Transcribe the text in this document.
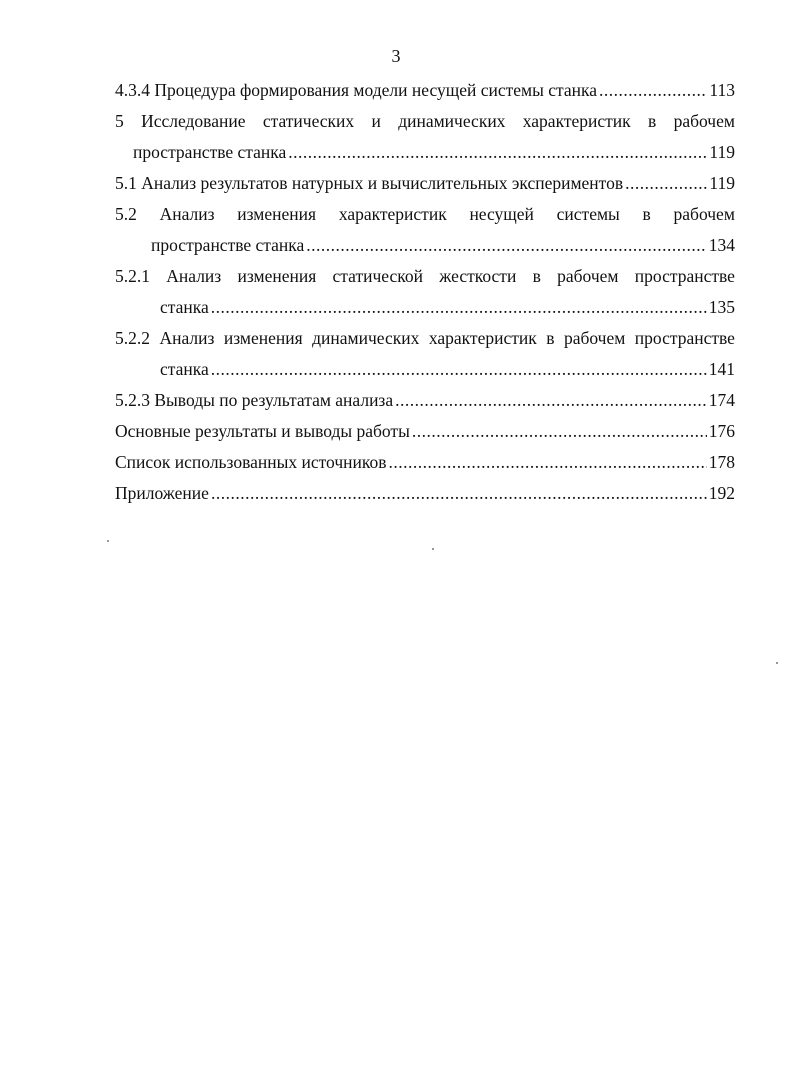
3
4.3.4 Процедура формирования модели несущей системы станка .....	113
5 Исследование статических и динамических характеристик в рабочем
пространстве станка .....	119
5.1 Анализ результатов натурных и вычислительных экспериментов .....	119
5.2 Анализ изменения характеристик несущей системы в рабочем
пространстве станка .....	134
5.2.1 Анализ изменения статической жесткости в рабочем пространстве
станка .....	135
5.2.2 Анализ изменения динамических характеристик в рабочем пространстве
станка .....	141
5.2.3 Выводы по результатам анализа .....	174
Основные результаты и выводы работы .....	176
Список использованных источников .....	178
Приложение .....	192
